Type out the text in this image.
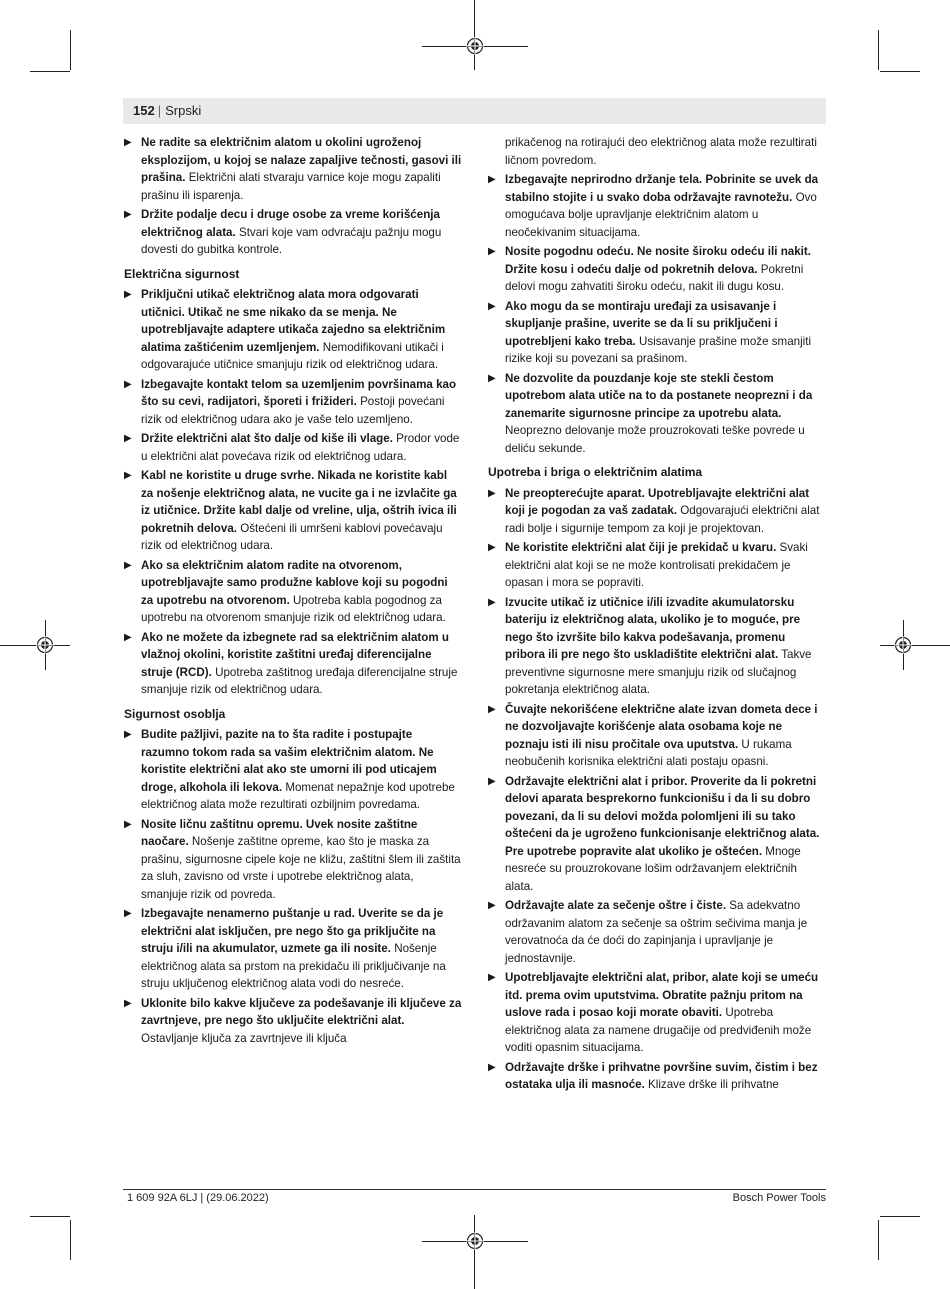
152 | Srpski
▶ Ne radite sa električnim alatom u okolini ugroženoj eksplozijom, u kojoj se nalaze zapaljive tečnosti, gasovi ili prašina. Električni alati stvaraju varnice koje mogu zapaliti prašinu ili isparenja.
▶ Držite podalje decu i druge osobe za vreme korišćenja električnog alata. Stvari koje vam odvraćaju pažnju mogu dovesti do gubitka kontrole.
Električna sigurnost
▶ Priključni utikač električnog alata mora odgovarati utičnici. Utikač ne sme nikako da se menja. Ne upotrebljavajte adaptere utikača zajedno sa električnim alatima zaštićenim uzemljenjem. Nemodifikovani utikači i odgovarajuće utičnice smanjuju rizik od električnog udara.
▶ Izbegavajte kontakt telom sa uzemljenim površinama kao što su cevi, radijatori, šporeti i frižideri. Postoji povećani rizik od električnog udara ako je vaše telo uzemljeno.
▶ Držite električni alat što dalje od kiše ili vlage. Prodor vode u električni alat povećava rizik od električnog udara.
▶ Kabl ne koristite u druge svrhe. Nikada ne koristite kabl za nošenje električnog alata, ne vucite ga i ne izvlačite ga iz utičnice. Držite kabl dalje od vreline, ulja, oštrih ivica ili pokretnih delova. Oštećeni ili umršeni kablovi povećavaju rizik od električnog udara.
▶ Ako sa električnim alatom radite na otvorenom, upotrebljavajte samo produžne kablove koji su pogodni za upotrebu na otvorenom. Upotreba kabla pogodnog za upotrebu na otvorenom smanjuje rizik od električnog udara.
▶ Ako ne možete da izbegnete rad sa električnim alatom u vlažnoj okolini, koristite zaštitni uređaj diferencijalne struje (RCD). Upotreba zaštitnog uređaja diferencijalne struje smanjuje rizik od električnog udara.
Sigurnost osoblja
▶ Budite pažljivi, pazite na to šta radite i postupajte razumno tokom rada sa vašim električnim alatom. Ne koristite električni alat ako ste umorni ili pod uticajem droge, alkohola ili lekova. Momenat nepažnje kod upotrebe električnog alata može rezultirati ozbiljnim povredama.
▶ Nosite ličnu zaštitnu opremu. Uvek nosite zaštitne naočare. Nošenje zaštitne opreme, kao što je maska za prašinu, sigurnosne cipele koje ne kližu, zaštitni šlem ili zaštita za sluh, zavisno od vrste i upotrebe električnog alata, smanjuje rizik od povreda.
▶ Izbegavajte nenamerno puštanje u rad. Uverite se da je električni alat isključen, pre nego što ga priključite na struju i/ili na akumulator, uzmete ga ili nosite. Nošenje električnog alata sa prstom na prekidaču ili priključivanje na struju uključenog električnog alata vodi do nesreće.
▶ Uklonite bilo kakve ključeve za podešavanje ili ključeve za zavrtnjeve, pre nego što uključite električni alat. Ostavljanje ključa za zavrtnjeve ili ključa
prikačenog na rotirajući deo električnog alata može rezultirati ličnom povredom.
▶ Izbegavajte neprirodno držanje tela. Pobrinite se uvek da stabilno stojite i u svako doba održavajte ravnotežu. Ovo omogućava bolje upravljanje električnim alatom u neočekivanim situacijama.
▶ Nosite pogodnu odeću. Ne nosite široku odeću ili nakit. Držite kosu i odeću dalje od pokretnih delova. Pokretni delovi mogu zahvatiti široku odeću, nakit ili dugu kosu.
▶ Ako mogu da se montiraju uređaji za usisavanje i skupljanje prašine, uverite se da li su priključeni i upotrebljeni kako treba. Usisavanje prašine može smanjiti rizike koji su povezani sa prašinom.
▶ Ne dozvolite da pouzdanje koje ste stekli čestom upotrebom alata utiče na to da postanete neoprezni i da zanemarite sigurnosne principe za upotrebu alata. Neoprezno delovanje može prouzrokovati teške povrede u deliću sekunde.
Upotreba i briga o električnim alatima
▶ Ne preopterećujte aparat. Upotrebljavajte električni alat koji je pogodan za vaš zadatak. Odgovarajući električni alat radi bolje i sigurnije tempom za koji je projektovan.
▶ Ne koristite električni alat čiji je prekidač u kvaru. Svaki električni alat koji se ne može kontrolisati prekidačem je opasan i mora se popraviti.
▶ Izvucite utikač iz utičnice i/ili izvadite akumulatorsku bateriju iz električnog alata, ukoliko je to moguće, pre nego što izvršite bilo kakva podešavanja, promenu pribora ili pre nego što uskladištite električni alat. Takve preventivne sigurnosne mere smanjuju rizik od slučajnog pokretanja električnog alata.
▶ Čuvajte nekorišćene električne alate izvan dometa dece i ne dozvoljavajte korišćenje alata osobama koje ne poznaju isti ili nisu pročitale ova uputstva. U rukama neobučenih korisnika električni alati postaju opasni.
▶ Održavajte električni alat i pribor. Proverite da li pokretni delovi aparata besprekorno funkcionišu i da li su dobro povezani, da li su delovi možda polomljeni ili su tako oštećeni da je ugroženo funkcionisanje električnog alata. Pre upotrebe popravite alat ukoliko je oštećen. Mnoge nesreće su prouzrokovane lošim održavanjem električnih alata.
▶ Održavajte alate za sečenje oštre i čiste. Sa adekvatno održavanim alatom za sečenje sa oštrim sečivima manja je verovatnoća da će doći do zapinjanja i upravljanje je jednostavnije.
▶ Upotrebljavajte električni alat, pribor, alate koji se umeću itd. prema ovim uputstvima. Obratite pažnju pritom na uslove rada i posao koji morate obaviti. Upotreba električnog alata za namene drugačije od predviđenih može voditi opasnim situacijama.
▶ Održavajte drške i prihvatne površine suvim, čistim i bez ostataka ulja ili masnoće. Klizave drške ili prihvatne
1 609 92A 6LJ | (29.06.2022)	Bosch Power Tools
